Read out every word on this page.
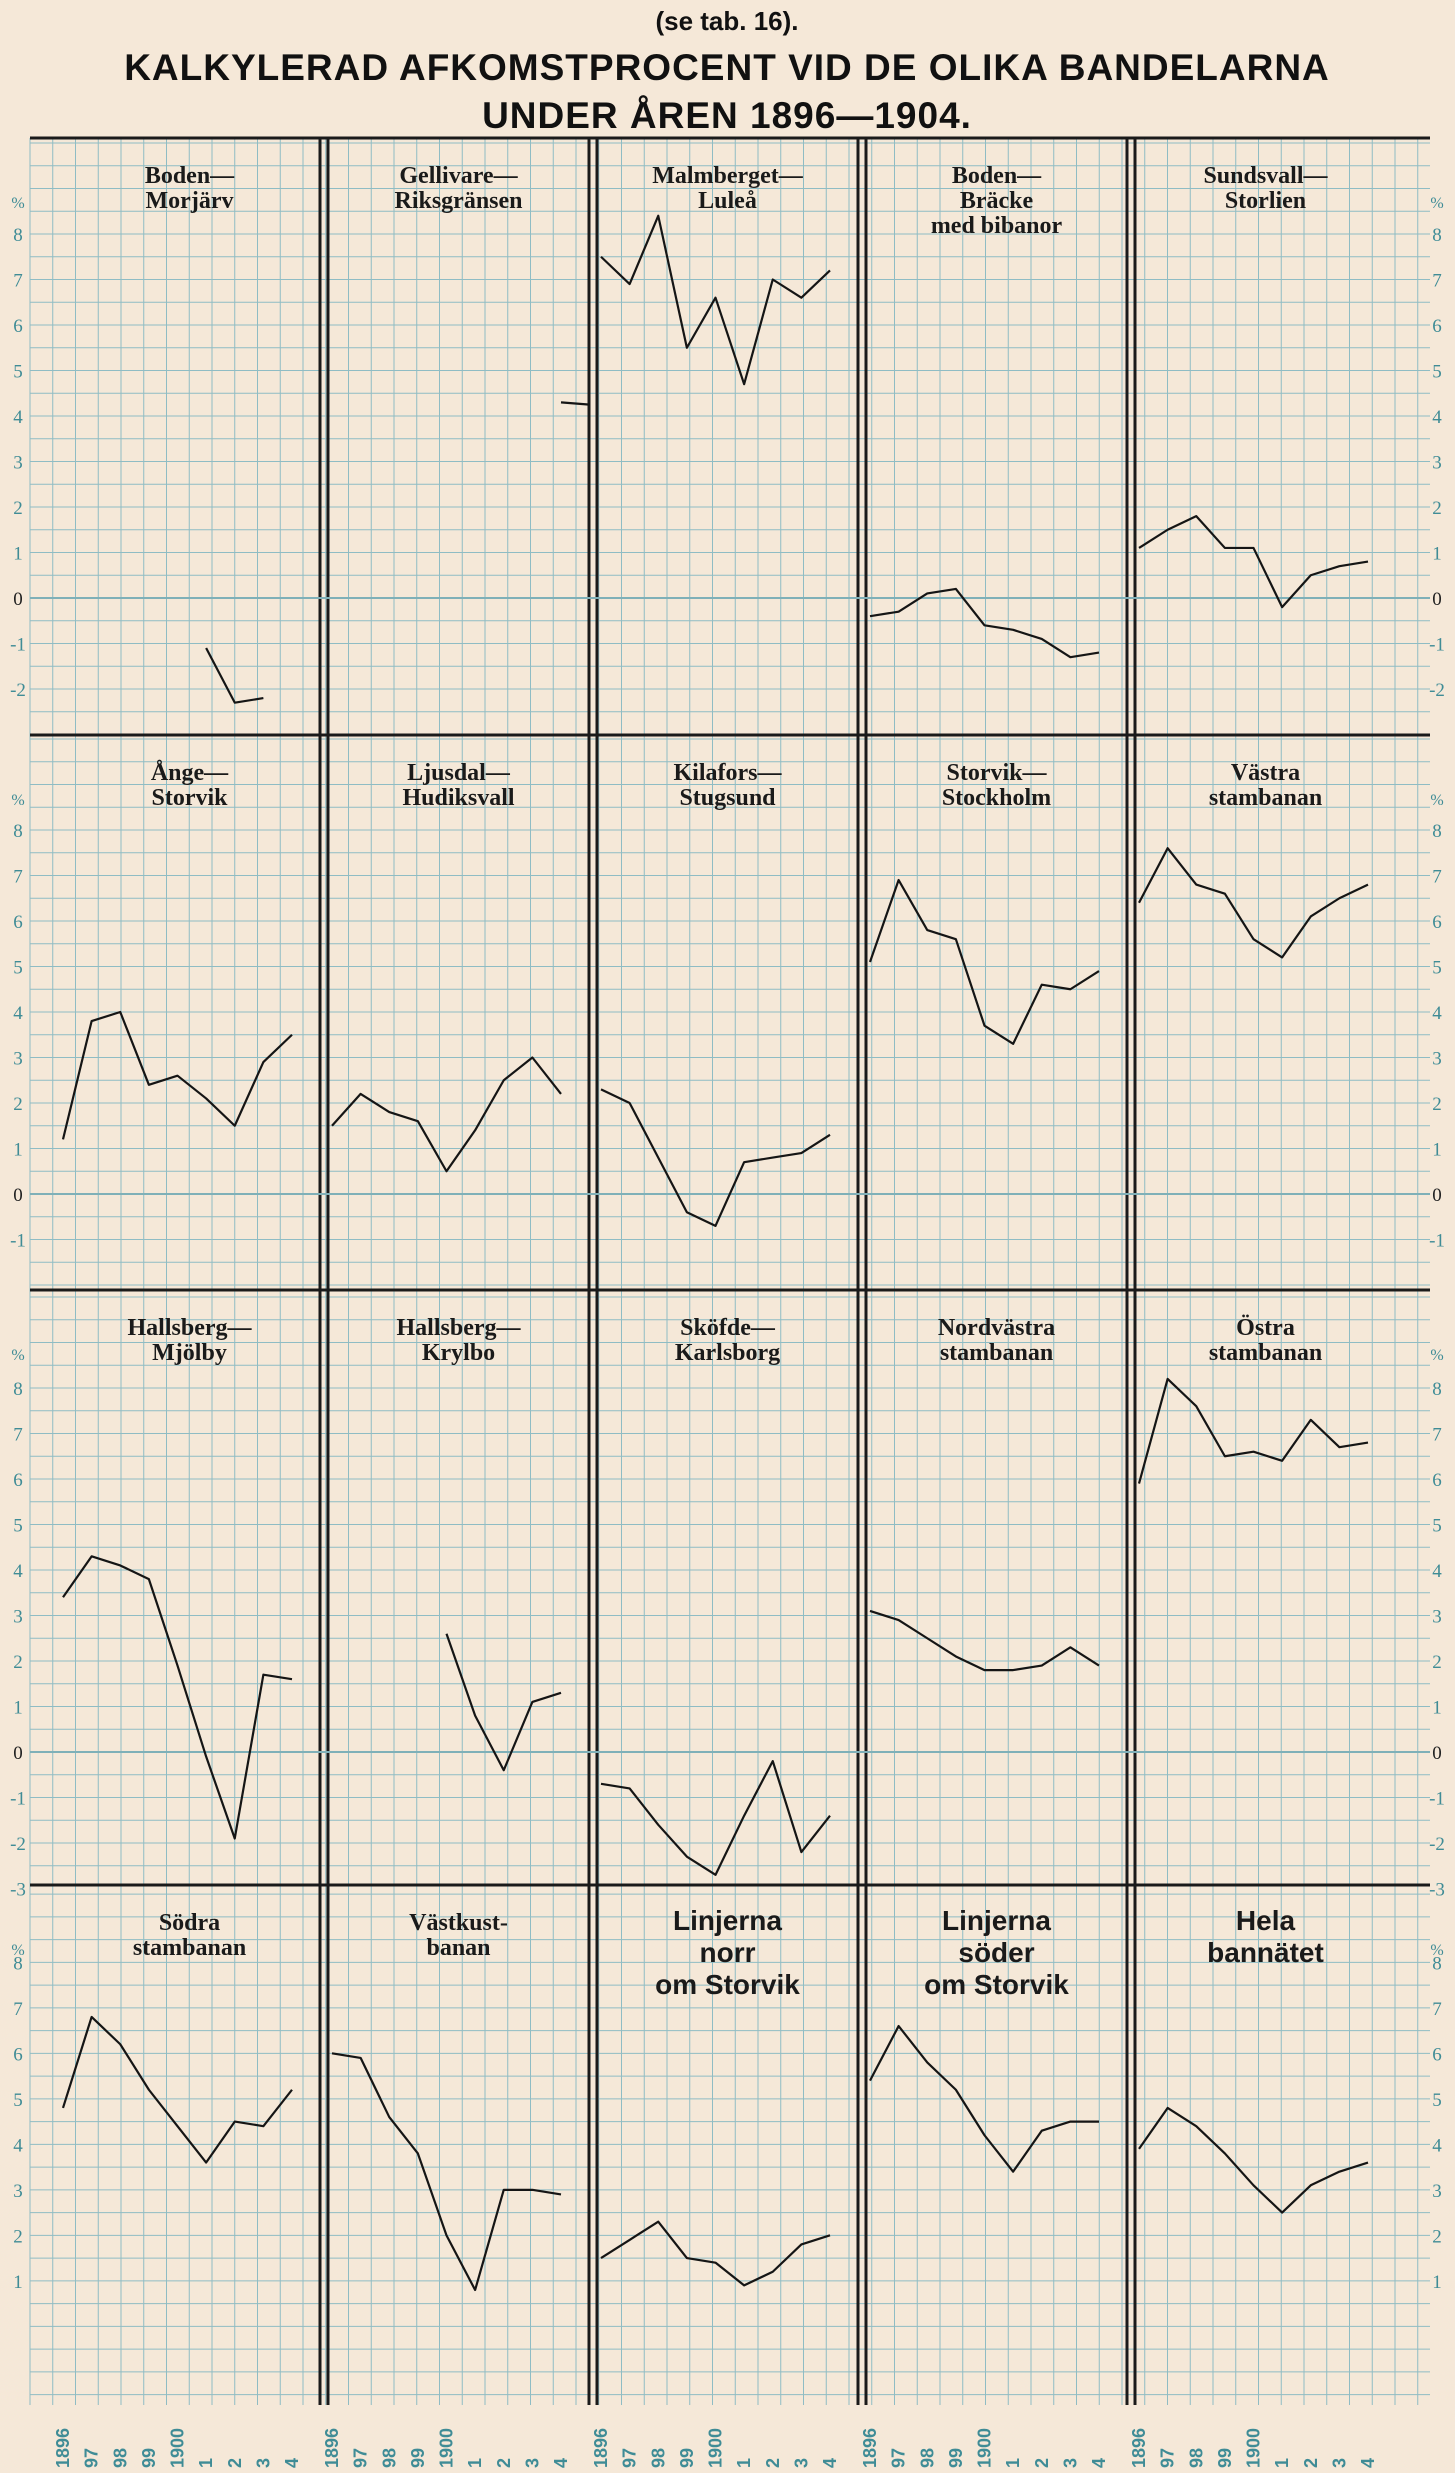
8
7
6
5
4
3
2
1
0
-1
-2
%
8
7
6
5
4
3
2
1
0
-1
-2
%
8
7
6
5
4
3
2
1
0
-1
%
8
7
6
5
4
3
2
1
0
-1
%
8
7
6
5
4
3
2
1
0
-1
-2
-3
%
8
7
6
5
4
3
2
1
0
-1
-2
-3
%
8
7
6
5
4
3
2
1
%
8
7
6
5
4
3
2
1
%
1896 97 98 99 1900 1 2 3 4 1896 97 98 99 1900 1 2 3 4 1896 97 98 99 1900 1 2 3 4 1896 97 98 99 1900 1 2 3 4 1896 97 98 99 1900 1 2 3 4
Boden—
Morjärv
Gellivare—
Riksgränsen
Malmberget—
Luleå
Boden—
Bräcke
med bibanor
Sundsvall—
Storlien
Ånge—
Storvik
Ljusdal—
Hudiksvall
Kilafors—
Stugsund
Storvik—
Stockholm
Västra
stambanan
Hallsberg—
Mjölby
Hallsberg—
Krylbo
Sköfde—
Karlsborg
Nordvästra
stambanan
Östra
stambanan
Södra
stambanan
Västkust-
banan
Linjerna
norr
om Storvik
Linjerna
söder
om Storvik
Hela
bannätet
(se tab. 16).
KALKYLERAD AFKOMSTPROCENT VID DE OLIKA BANDELARNA
UNDER ÅREN 1896—1904.
